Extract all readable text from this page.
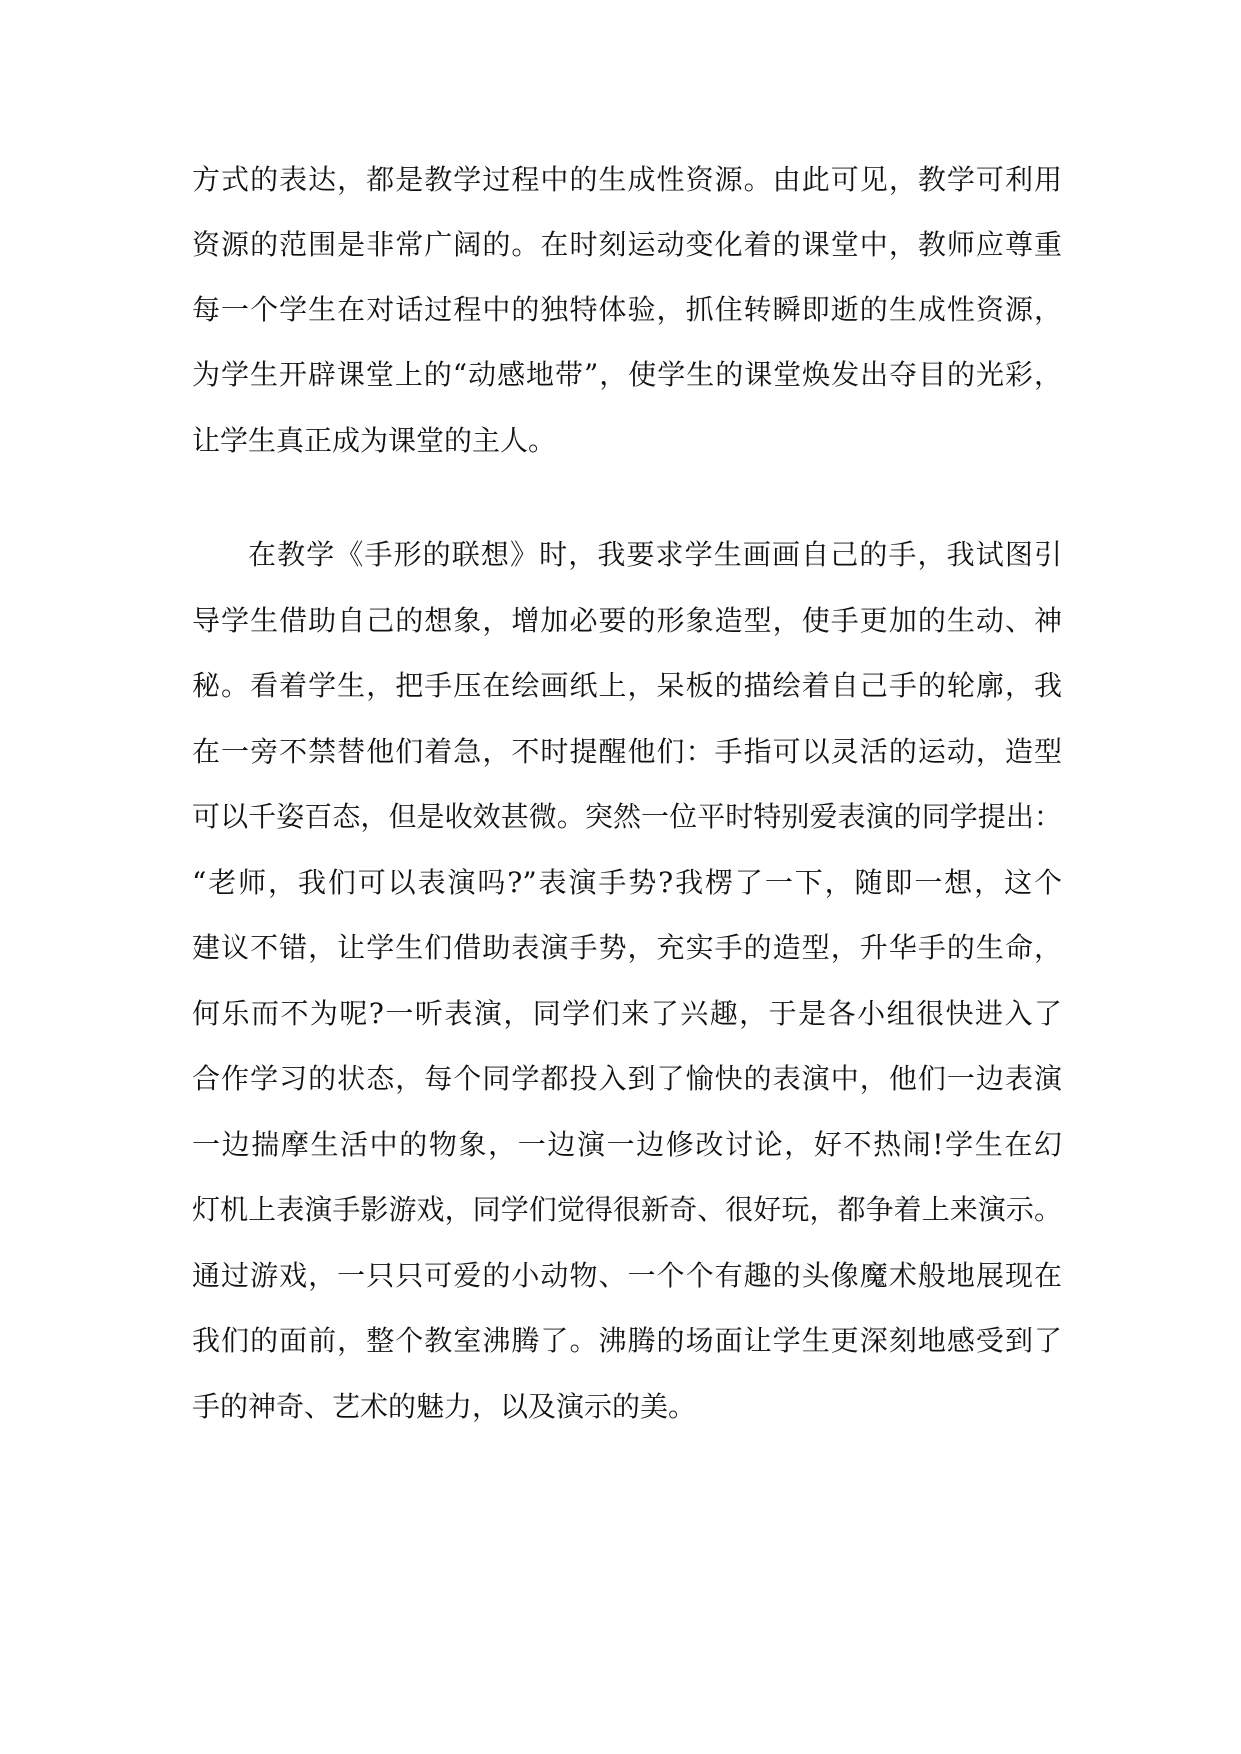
方式的表达，都是教学过程中的生成性资源。由此可见，教学可利用
资源的范围是非常广阔的。在时刻运动变化着的课堂中，教师应尊重
每一个学生在对话过程中的独特体验，抓住转瞬即逝的生成性资源，
为学生开辟课堂上的“动感地带”，使学生的课堂焕发出夺目的光彩，
让学生真正成为课堂的主人。
在教学《手形的联想》时，我要求学生画画自己的手，我试图引
导学生借助自己的想象，增加必要的形象造型，使手更加的生动、神
秘。看着学生，把手压在绘画纸上，呆板的描绘着自己手的轮廓，我
在一旁不禁替他们着急，不时提醒他们：手指可以灵活的运动，造型
可以千姿百态，但是收效甚微。突然一位平时特别爱表演的同学提出：
“老师，我们可以表演吗?”表演手势?我楞了一下，随即一想，这个
建议不错，让学生们借助表演手势，充实手的造型，升华手的生命，
何乐而不为呢?一听表演，同学们来了兴趣，于是各小组很快进入了
合作学习的状态，每个同学都投入到了愉快的表演中，他们一边表演
一边揣摩生活中的物象，一边演一边修改讨论，好不热闹!学生在幻
灯机上表演手影游戏，同学们觉得很新奇、很好玩，都争着上来演示。
通过游戏，一只只可爱的小动物、一个个有趣的头像魔术般地展现在
我们的面前，整个教室沸腾了。沸腾的场面让学生更深刻地感受到了
手的神奇、艺术的魅力，以及演示的美。
